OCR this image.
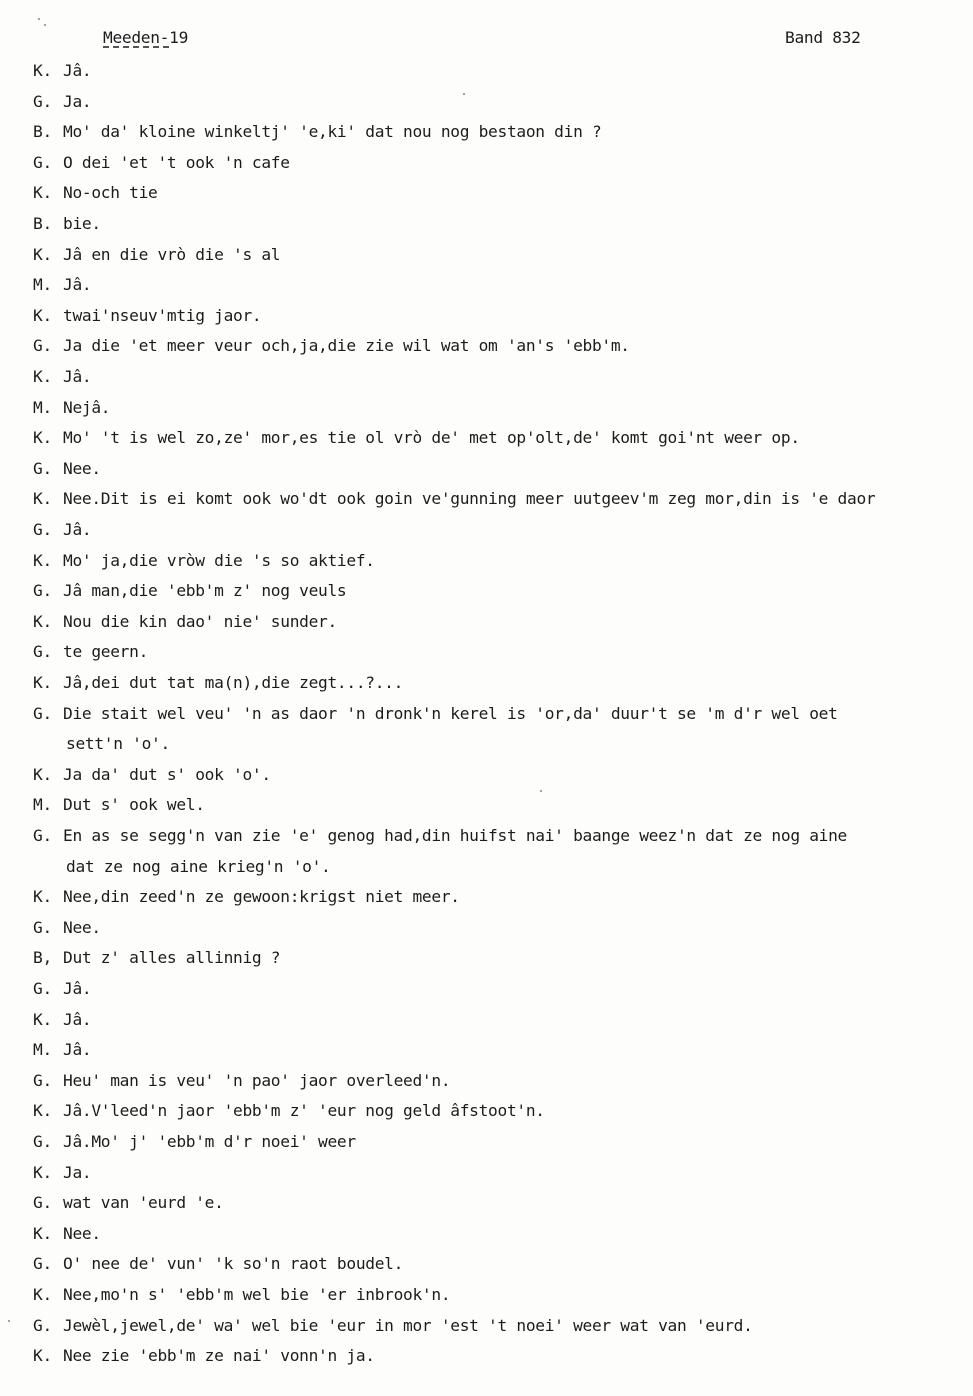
Meeden-19	Band 832
K. Jâ.
G. Ja.
B. Mo' da' kloine winkeltj' 'e,ki' dat nou nog bestaon din ?
G. O dei 'et 't ook 'n cafe
K. No-och tie
B. bie.
K. Jâ en die vrò die 's al
M. Jâ.
K. twai'nseuv'mtig jaor.
G. Ja die 'et meer veur och,ja,die zie wil wat om 'an's 'ebb'm.
K. Jâ.
M. Nejâ.
K. Mo' 't is wel zo,ze' mor,es tie ol vrò de' met op'olt,de' komt goi'nt weer op.
G. Nee.
K. Nee.Dit is ei komt ook wo'dt ook goin ve'gunning meer uutgeev'm zeg mor,din is 'e daor
G. Jâ.
K. Mo' ja,die vròw die 's so aktief.
G. Jâ man,die 'ebb'm z' nog veuls
K. Nou die kin dao' nie' sunder.
G. te geern.
K. Jâ,dei dut tat ma(n),die zegt...?...
G. Die stait wel veu' 'n as daor 'n dronk'n kerel is 'or,da' duur't se 'm d'r wel oet
sett'n 'o'.
K. Ja da' dut s' ook 'o'.
M. Dut s' ook wel.
G. En as se segg'n van zie 'e' genog had,din huifst nai' baange weez'n dat ze nog aine
dat ze nog aine krieg'n 'o'.
K. Nee,din zeed'n ze gewoon:krigst niet meer.
G. Nee.
B, Dut z' alles allinnig ?
G. Jâ.
K. Jâ.
M. Jâ.
G. Heu' man is veu' 'n pao' jaor overleed'n.
K. Jâ.V'leed'n jaor 'ebb'm z' 'eur nog geld âfstoot'n.
G. Jâ.Mo' j' 'ebb'm d'r noei' weer
K. Ja.
G. wat van 'eurd 'e.
K. Nee.
G. O' nee de' vun' 'k so'n raot boudel.
K. Nee,mo'n s' 'ebb'm wel bie 'er inbrook'n.
G. Jewèl,jewel,de' wa' wel bie 'eur in mor 'est 't noei' weer wat van 'eurd.
K. Nee zie 'ebb'm ze nai' vonn'n ja.
